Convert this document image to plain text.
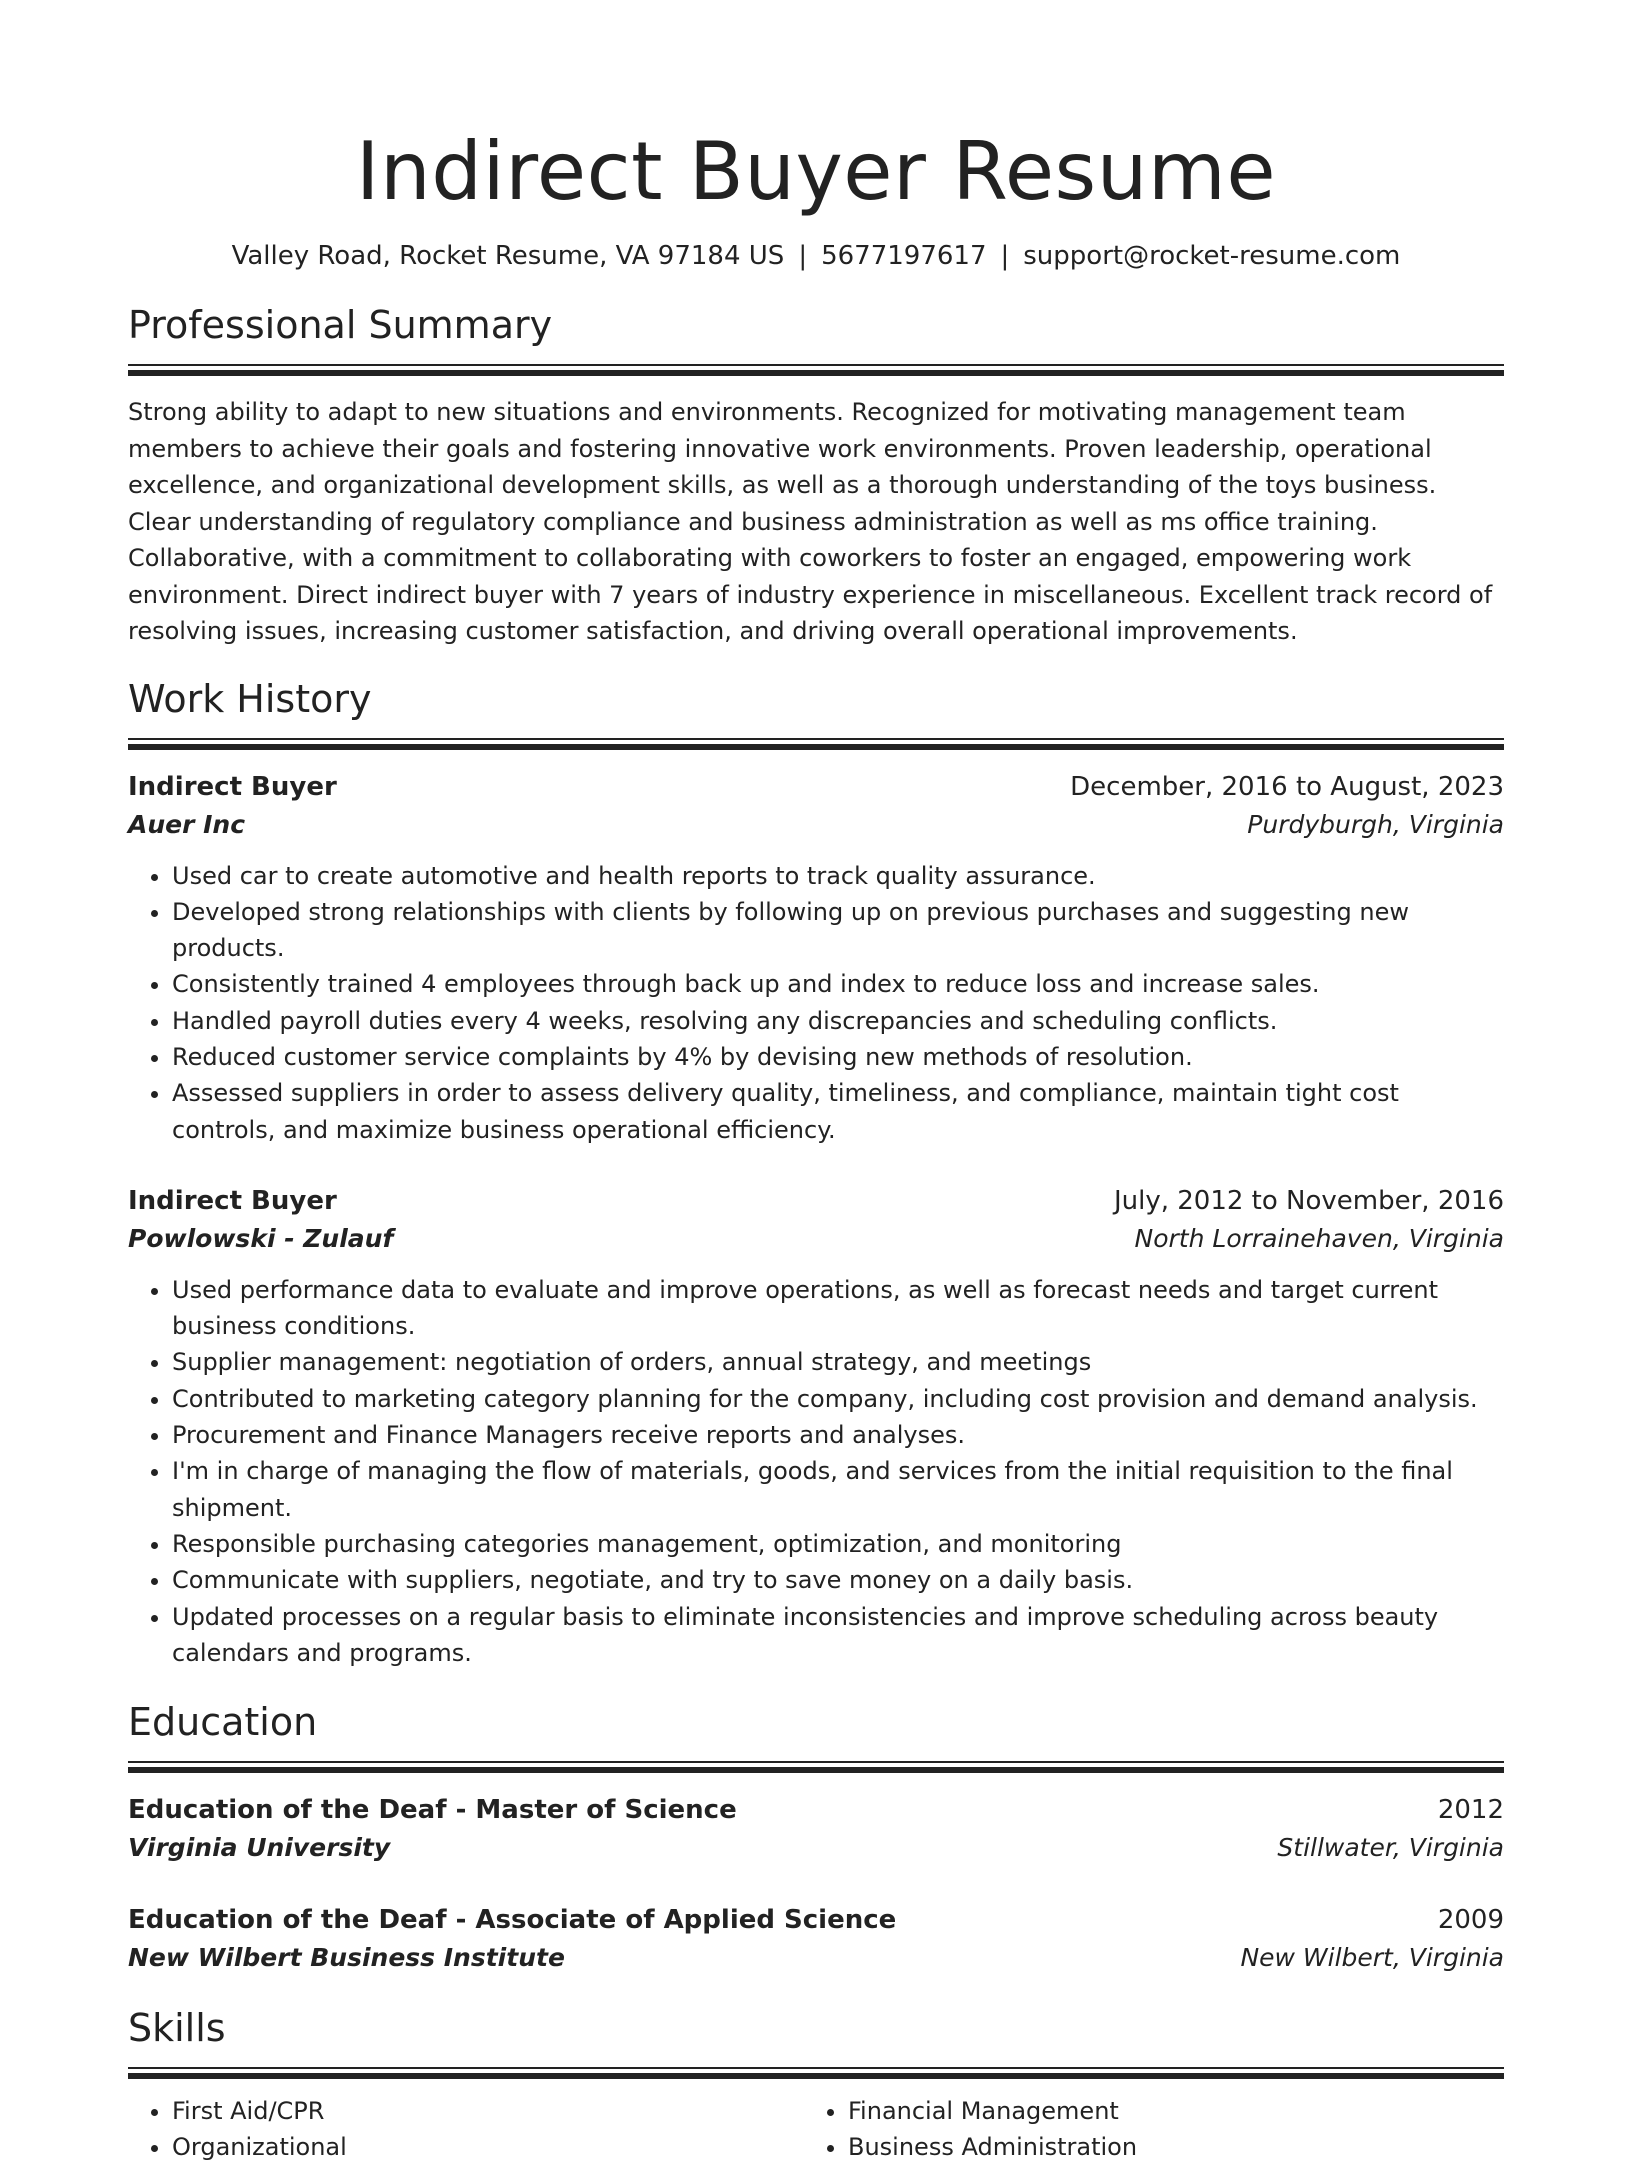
Indirect Buyer Resume
Valley Road, Rocket Resume, VA 97184 US | 5677197617 | support@rocket-resume.com
Professional Summary
Strong ability to adapt to new situations and environments. Recognized for motivating management team members to achieve their goals and fostering innovative work environments. Proven leadership, operational excellence, and organizational development skills, as well as a thorough understanding of the toys business. Clear understanding of regulatory compliance and business administration as well as ms office training. Collaborative, with a commitment to collaborating with coworkers to foster an engaged, empowering work environment. Direct indirect buyer with 7 years of industry experience in miscellaneous. Excellent track record of resolving issues, increasing customer satisfaction, and driving overall operational improvements.
Work History
Indirect Buyer	December, 2016 to August, 2023
Auer Inc	Purdyburgh, Virginia
• Used car to create automotive and health reports to track quality assurance.
• Developed strong relationships with clients by following up on previous purchases and suggesting new products.
• Consistently trained 4 employees through back up and index to reduce loss and increase sales.
• Handled payroll duties every 4 weeks, resolving any discrepancies and scheduling conflicts.
• Reduced customer service complaints by 4% by devising new methods of resolution.
• Assessed suppliers in order to assess delivery quality, timeliness, and compliance, maintain tight cost controls, and maximize business operational efficiency.
Indirect Buyer	July, 2012 to November, 2016
Powlowski - Zulauf	North Lorrainehaven, Virginia
• Used performance data to evaluate and improve operations, as well as forecast needs and target current business conditions.
• Supplier management: negotiation of orders, annual strategy, and meetings
• Contributed to marketing category planning for the company, including cost provision and demand analysis.
• Procurement and Finance Managers receive reports and analyses.
• I'm in charge of managing the flow of materials, goods, and services from the initial requisition to the final shipment.
• Responsible purchasing categories management, optimization, and monitoring
• Communicate with suppliers, negotiate, and try to save money on a daily basis.
• Updated processes on a regular basis to eliminate inconsistencies and improve scheduling across beauty calendars and programs.
Education
Education of the Deaf - Master of Science	2012
Virginia University	Stillwater, Virginia
Education of the Deaf - Associate of Applied Science	2009
New Wilbert Business Institute	New Wilbert, Virginia
Skills
• First Aid/CPR
• Organizational
• Financial Management
• Business Administration
